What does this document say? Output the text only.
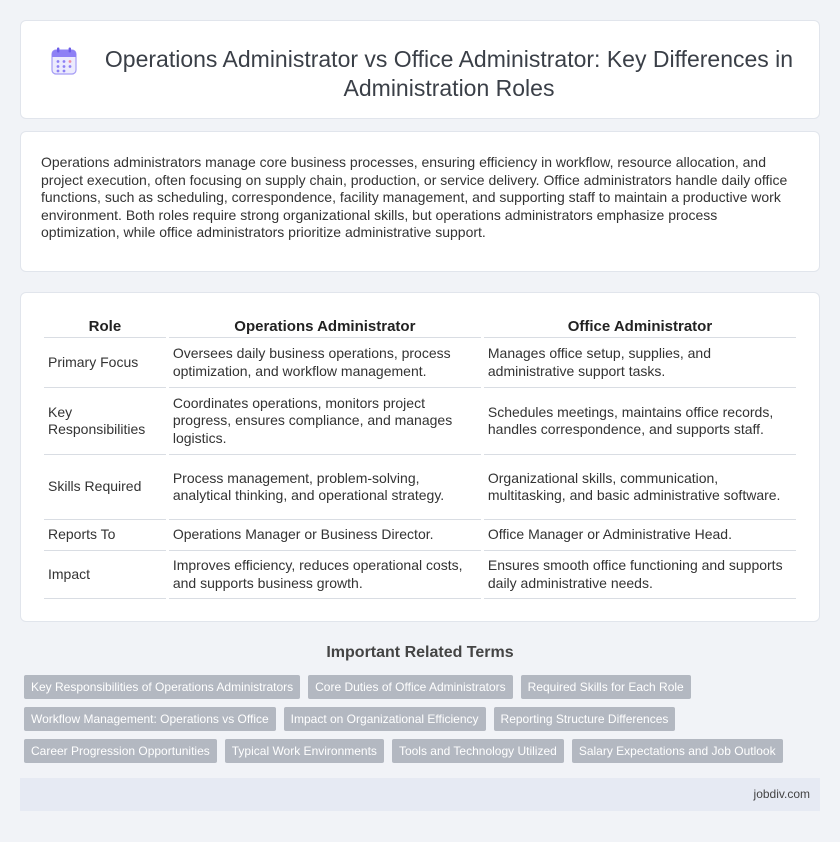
Operations Administrator vs Office Administrator: Key Differences in Administration Roles

Operations administrators manage core business processes, ensuring efficiency in workflow, resource allocation, and project execution, often focusing on supply chain, production, or service delivery. Office administrators handle daily office functions, such as scheduling, correspondence, facility management, and supporting staff to maintain a productive work environment. Both roles require strong organizational skills, but operations administrators emphasize process optimization, while office administrators prioritize administrative support.

Role	Operations Administrator	Office Administrator
Primary Focus	Oversees daily business operations, process optimization, and workflow management.	Manages office setup, supplies, and administrative support tasks.
Key Responsibilities	Coordinates operations, monitors project progress, ensures compliance, and manages logistics.	Schedules meetings, maintains office records, handles correspondence, and supports staff.
Skills Required	Process management, problem-solving, analytical thinking, and operational strategy.	Organizational skills, communication, multitasking, and basic administrative software.
Reports To	Operations Manager or Business Director.	Office Manager or Administrative Head.
Impact	Improves efficiency, reduces operational costs, and supports business growth.	Ensures smooth office functioning and supports daily administrative needs.
Important Related Terms
Key Responsibilities of Operations Administrators	Core Duties of Office Administrators	Required Skills for Each Role
Workflow Management: Operations vs Office	Impact on Organizational Efficiency	Reporting Structure Differences
Career Progression Opportunities	Typical Work Environments	Tools and Technology Utilized	Salary Expectations and Job Outlook
jobdiv.com
